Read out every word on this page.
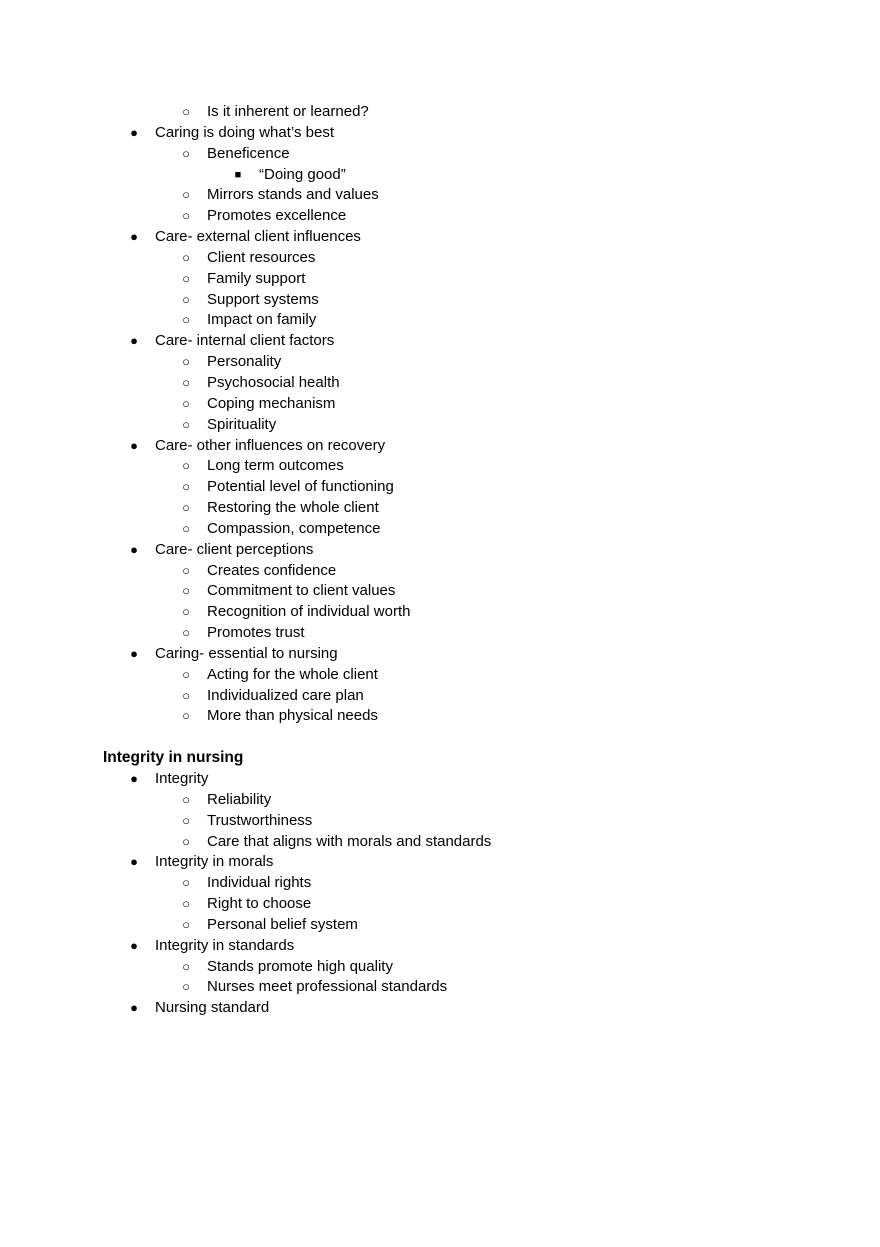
○ Is it inherent or learned?
● Caring is doing what’s best
○ Beneficence
■ “Doing good”
○ Mirrors stands and values
○ Promotes excellence
● Care- external client influences
○ Client resources
○ Family support
○ Support systems
○ Impact on family
● Care- internal client factors
○ Personality
○ Psychosocial health
○ Coping mechanism
○ Spirituality
● Care- other influences on recovery
○ Long term outcomes
○ Potential level of functioning
○ Restoring the whole client
○ Compassion, competence
● Care- client perceptions
○ Creates confidence
○ Commitment to client values
○ Recognition of individual worth
○ Promotes trust
● Caring- essential to nursing
○ Acting for the whole client
○ Individualized care plan
○ More than physical needs
Integrity in nursing
● Integrity
○ Reliability
○ Trustworthiness
○ Care that aligns with morals and standards
● Integrity in morals
○ Individual rights
○ Right to choose
○ Personal belief system
● Integrity in standards
○ Stands promote high quality
○ Nurses meet professional standards
● Nursing standard
